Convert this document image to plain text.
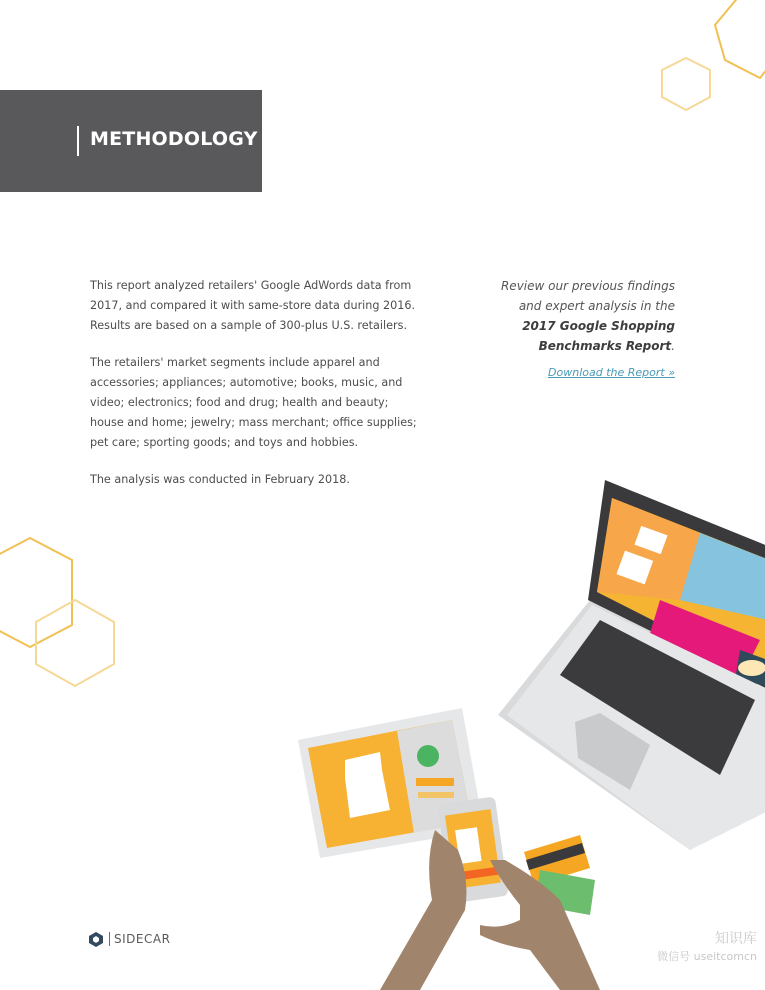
METHODOLOGY

This report analyzed retailers' Google AdWords data from 2017, and compared it with same-store data during 2016. Results are based on a sample of 300-plus U.S. retailers.

The retailers' market segments include apparel and accessories; appliances; automotive; books, music, and video; electronics; food and drug; health and beauty; house and home; jewelry; mass merchant; office supplies; pet care; sporting goods; and toys and hobbies.

The analysis was conducted in February 2018.

Review our previous findings
and expert analysis in the
2017 Google Shopping
Benchmarks Report.
Download the Report »
SIDECAR	知识库
微信号 useitcomcn
